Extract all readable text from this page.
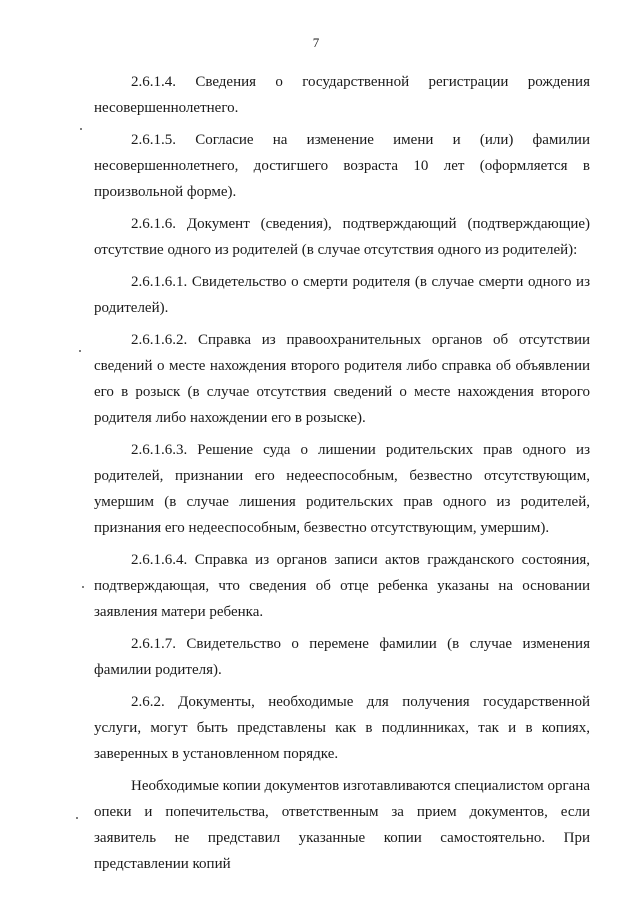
7

2.6.1.4. Сведения о государственной регистрации рождения несовершеннолетнего.

2.6.1.5. Согласие на изменение имени и (или) фамилии несовершеннолетнего, достигшего возраста 10 лет (оформляется в произвольной форме).

2.6.1.6. Документ (сведения), подтверждающий (подтверждающие) отсутствие одного из родителей (в случае отсутствия одного из родителей):

2.6.1.6.1. Свидетельство о смерти родителя (в случае смерти одного из родителей).

2.6.1.6.2. Справка из правоохранительных органов об отсутствии сведений о месте нахождения второго родителя либо справка об объявлении его в розыск (в случае отсутствия сведений о месте нахождения второго родителя либо нахождении его в розыске).

2.6.1.6.3. Решение суда о лишении родительских прав одного из родителей, признании его недееспособным, безвестно отсутствующим, умершим (в случае лишения родительских прав одного из родителей, признания его недееспособным, безвестно отсутствующим, умершим).

2.6.1.6.4. Справка из органов записи актов гражданского состояния, подтверждающая, что сведения об отце ребенка указаны на основании заявления матери ребенка.

2.6.1.7. Свидетельство о перемене фамилии (в случае изменения фамилии родителя).

2.6.2. Документы, необходимые для получения государственной услуги, могут быть представлены как в подлинниках, так и в копиях, заверенных в установленном порядке.

Необходимые копии документов изготавливаются специалистом органа опеки и попечительства, ответственным за прием документов, если заявитель не представил указанные копии самостоятельно. При представлении копий
